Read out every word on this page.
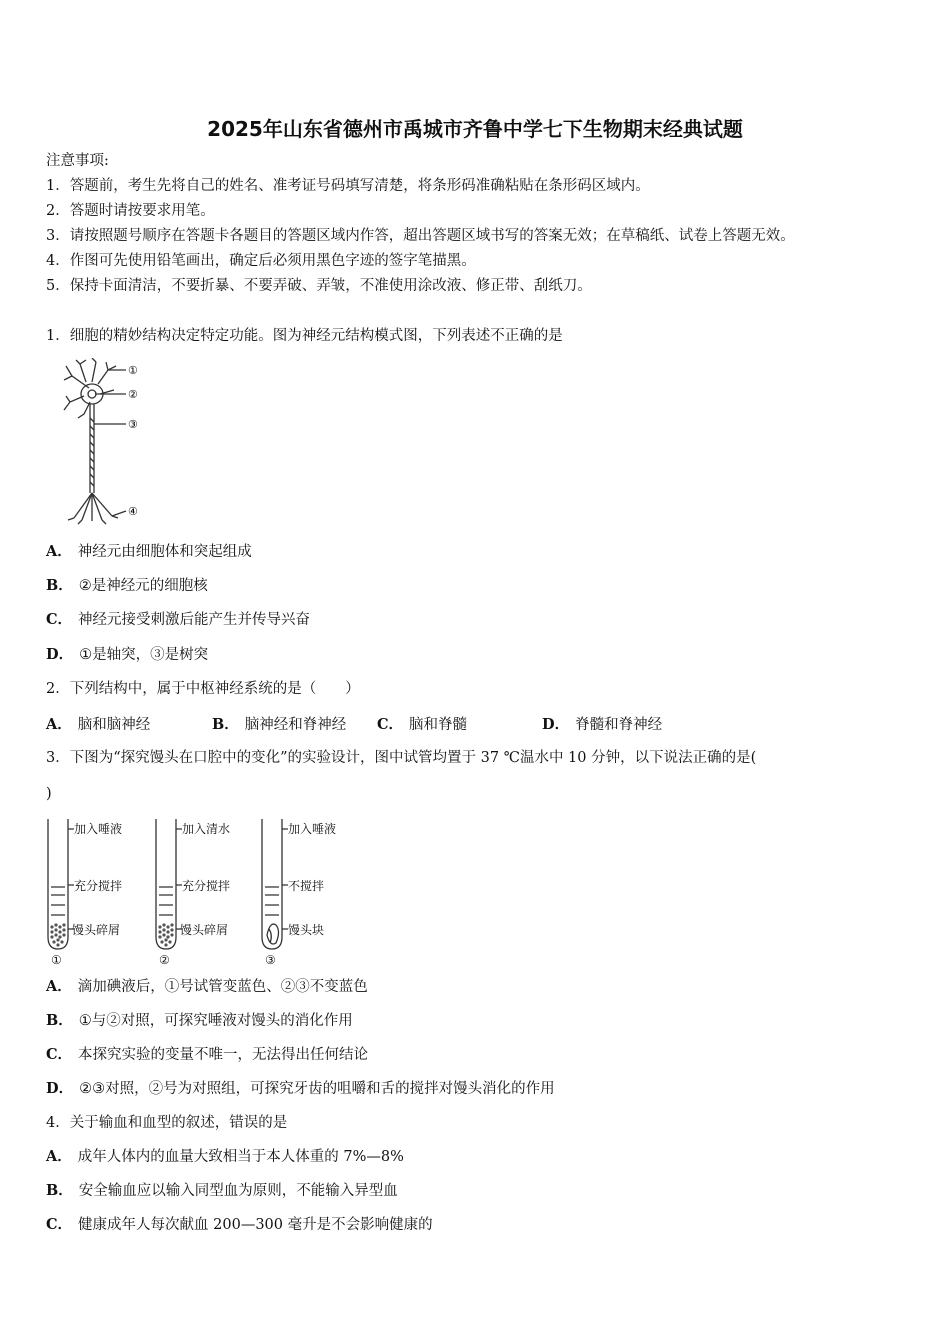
2025年山东省德州市禹城市齐鲁中学七下生物期末经典试题
注意事项:
1．答题前，考生先将自己的姓名、准考证号码填写清楚，将条形码准确粘贴在条形码区域内。
2．答题时请按要求用笔。
3．请按照题号顺序在答题卡各题目的答题区域内作答，超出答题区域书写的答案无效；在草稿纸、试卷上答题无效。
4．作图可先使用铅笔画出，确定后必须用黑色字迹的签字笔描黑。
5．保持卡面清洁，不要折暴、不要弄破、弄皱，不准使用涂改液、修正带、刮纸刀。
1．细胞的精妙结构决定特定功能。图为神经元结构模式图，下列表述不正确的是
①
②
③
④
A． 神经元由细胞体和突起组成
B． ②是神经元的细胞核
C． 神经元接受刺激后能产生并传导兴奋
D． ①是轴突，③是树突
2．下列结构中，属于中枢神经系统的是（　　）
A． 脑和脑神经	B． 脑神经和脊神经 C． 脑和脊髓	D． 脊髓和脊神经
3．下图为“探究馒头在口腔中的变化”的实验设计，图中试管均置于 37 ℃温水中 10 分钟，以下说法正确的是(
)
加入唾液
充分搅拌
馒头碎屑
①
加入清水
充分搅拌
馒头碎屑
②
加入唾液
不搅拌
馒头块
③
A． 滴加碘液后，①号试管变蓝色、②③不变蓝色
B． ①与②对照，可探究唾液对馒头的消化作用
C． 本探究实验的变量不唯一，无法得出任何结论
D． ②③对照，②号为对照组，可探究牙齿的咀嚼和舌的搅拌对馒头消化的作用
4．关于输血和血型的叙述，错误的是
A． 成年人体内的血量大致相当于本人体重的 7%—8%
B． 安全输血应以输入同型血为原则，不能输入异型血
C． 健康成年人每次献血 200—300 毫升是不会影响健康的
